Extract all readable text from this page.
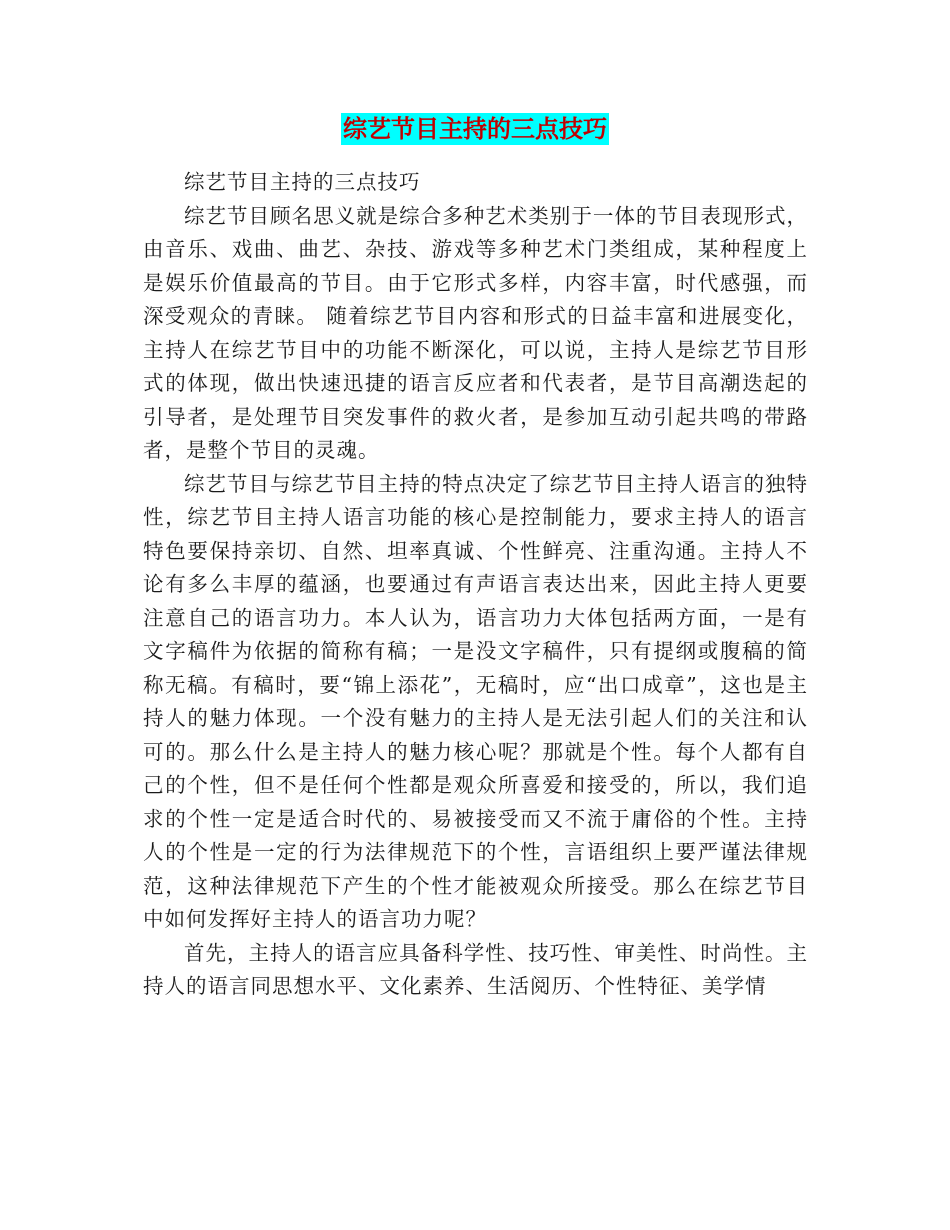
综艺节目主持的三点技巧

综艺节目主持的三点技巧

综艺节目顾名思义就是综合多种艺术类别于一体的节目表现形式，由音乐、戏曲、曲艺、杂技、游戏等多种艺术门类组成，某种程度上是娱乐价值最高的节目。由于它形式多样，内容丰富，时代感强，而深受观众的青睐。 随着综艺节目内容和形式的日益丰富和进展变化，主持人在综艺节目中的功能不断深化，可以说，主持人是综艺节目形式的体现，做出快速迅捷的语言反应者和代表者，是节目高潮迭起的引导者，是处理节目突发事件的救火者，是参加互动引起共鸣的带路者，是整个节目的灵魂。

综艺节目与综艺节目主持的特点决定了综艺节目主持人语言的独特性，综艺节目主持人语言功能的核心是控制能力，要求主持人的语言特色要保持亲切、自然、坦率真诚、个性鲜亮、注重沟通。主持人不论有多么丰厚的蕴涵，也要通过有声语言表达出来，因此主持人更要注意自己的语言功力。本人认为，语言功力大体包括两方面，一是有文字稿件为依据的简称有稿；一是没文字稿件，只有提纲或腹稿的简称无稿。有稿时，要“锦上添花”，无稿时，应“出口成章”，这也是主持人的魅力体现。一个没有魅力的主持人是无法引起人们的关注和认可的。那么什么是主持人的魅力核心呢？那就是个性。每个人都有自己的个性，但不是任何个性都是观众所喜爱和接受的，所以，我们追求的个性一定是适合时代的、易被接受而又不流于庸俗的个性。主持人的个性是一定的行为法律规范下的个性，言语组织上要严谨法律规范，这种法律规范下产生的个性才能被观众所接受。那么在综艺节目中如何发挥好主持人的语言功力呢？

首先，主持人的语言应具备科学性、技巧性、审美性、时尚性。主持人的语言同思想水平、文化素养、生活阅历、个性特征、美学情
